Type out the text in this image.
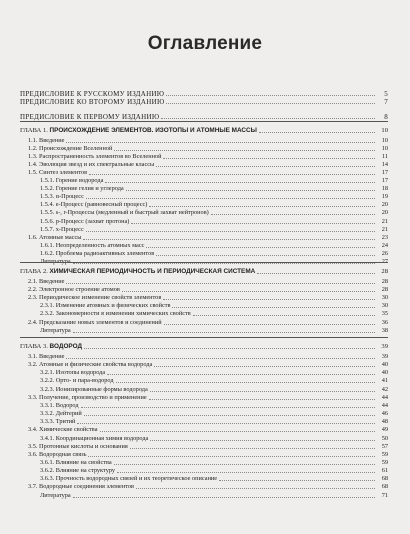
Оглавление
ПРЕДИСЛОВИЕ К РУССКОМУ ИЗДАНИЮ	5
ПРЕДИСЛОВИЕ КО ВТОРОМУ ИЗДАНИЮ	7
ПРЕДИСЛОВИЕ К ПЕРВОМУ ИЗДАНИЮ	8
ГЛАВА 1. ПРОИСХОЖДЕНИЕ ЭЛЕМЕНТОВ. ИЗОТОПЫ И АТОМНЫЕ МАССЫ	10
1.1. Введение	10
1.2. Происхождение Вселенной	10
1.3. Распространенность элементов во Вселенной	11
1.4. Эволюция звезд и их спектральные классы	14
1.5. Синтез элементов	17
1.5.1. Горение водорода	17
1.5.2. Горение гелия и углерода	18
1.5.3. α-Процесс	19
1.5.4. е-Процесс (равновесный процесс)	20
1.5.5. s-, r-Процессы (медленный и быстрый захват нейтронов)	20
1.5.6. p-Процесс (захват протона)	21
1.5.7. x-Процесс	21
1.6. Атомные массы	23
1.6.1. Неопределенность атомных масс	24
1.6.2. Проблема радиоактивных элементов	26
Литература	27
ГЛАВА 2. ХИМИЧЕСКАЯ ПЕРИОДИЧНОСТЬ И ПЕРИОДИЧЕСКАЯ СИСТЕМА	28
2.1. Введение	28
2.2. Электронное строение атомов	28
2.3. Периодическое изменение свойств элементов	30
2.3.1. Изменение атомных и физических свойств	30
2.3.2. Закономерности в изменении химических свойств	35
2.4. Предсказание новых элементов и соединений	36
Литература	38
ГЛАВА 3. ВОДОРОД	39
3.1. Введение	39
3.2. Атомные и физические свойства водорода	40
3.2.1. Изотопы водорода	40
3.2.2. Орто- и пара-водород	41
3.2.3. Ионизированные формы водорода	42
3.3. Получение, производство и применение	44
3.3.1. Водород	44
3.3.2. Дейтерий	46
3.3.3. Тритий	48
3.4. Химические свойства	49
3.4.1. Координационная химия водорода	50
3.5. Протонные кислоты и основания	57
3.6. Водородная связь	59
3.6.1. Влияние на свойства	59
3.6.2. Влияние на структуру	61
3.6.3. Прочность водородных связей и их теоретическое описание	68
3.7. Водородные соединения элементов	68
Литература	71
